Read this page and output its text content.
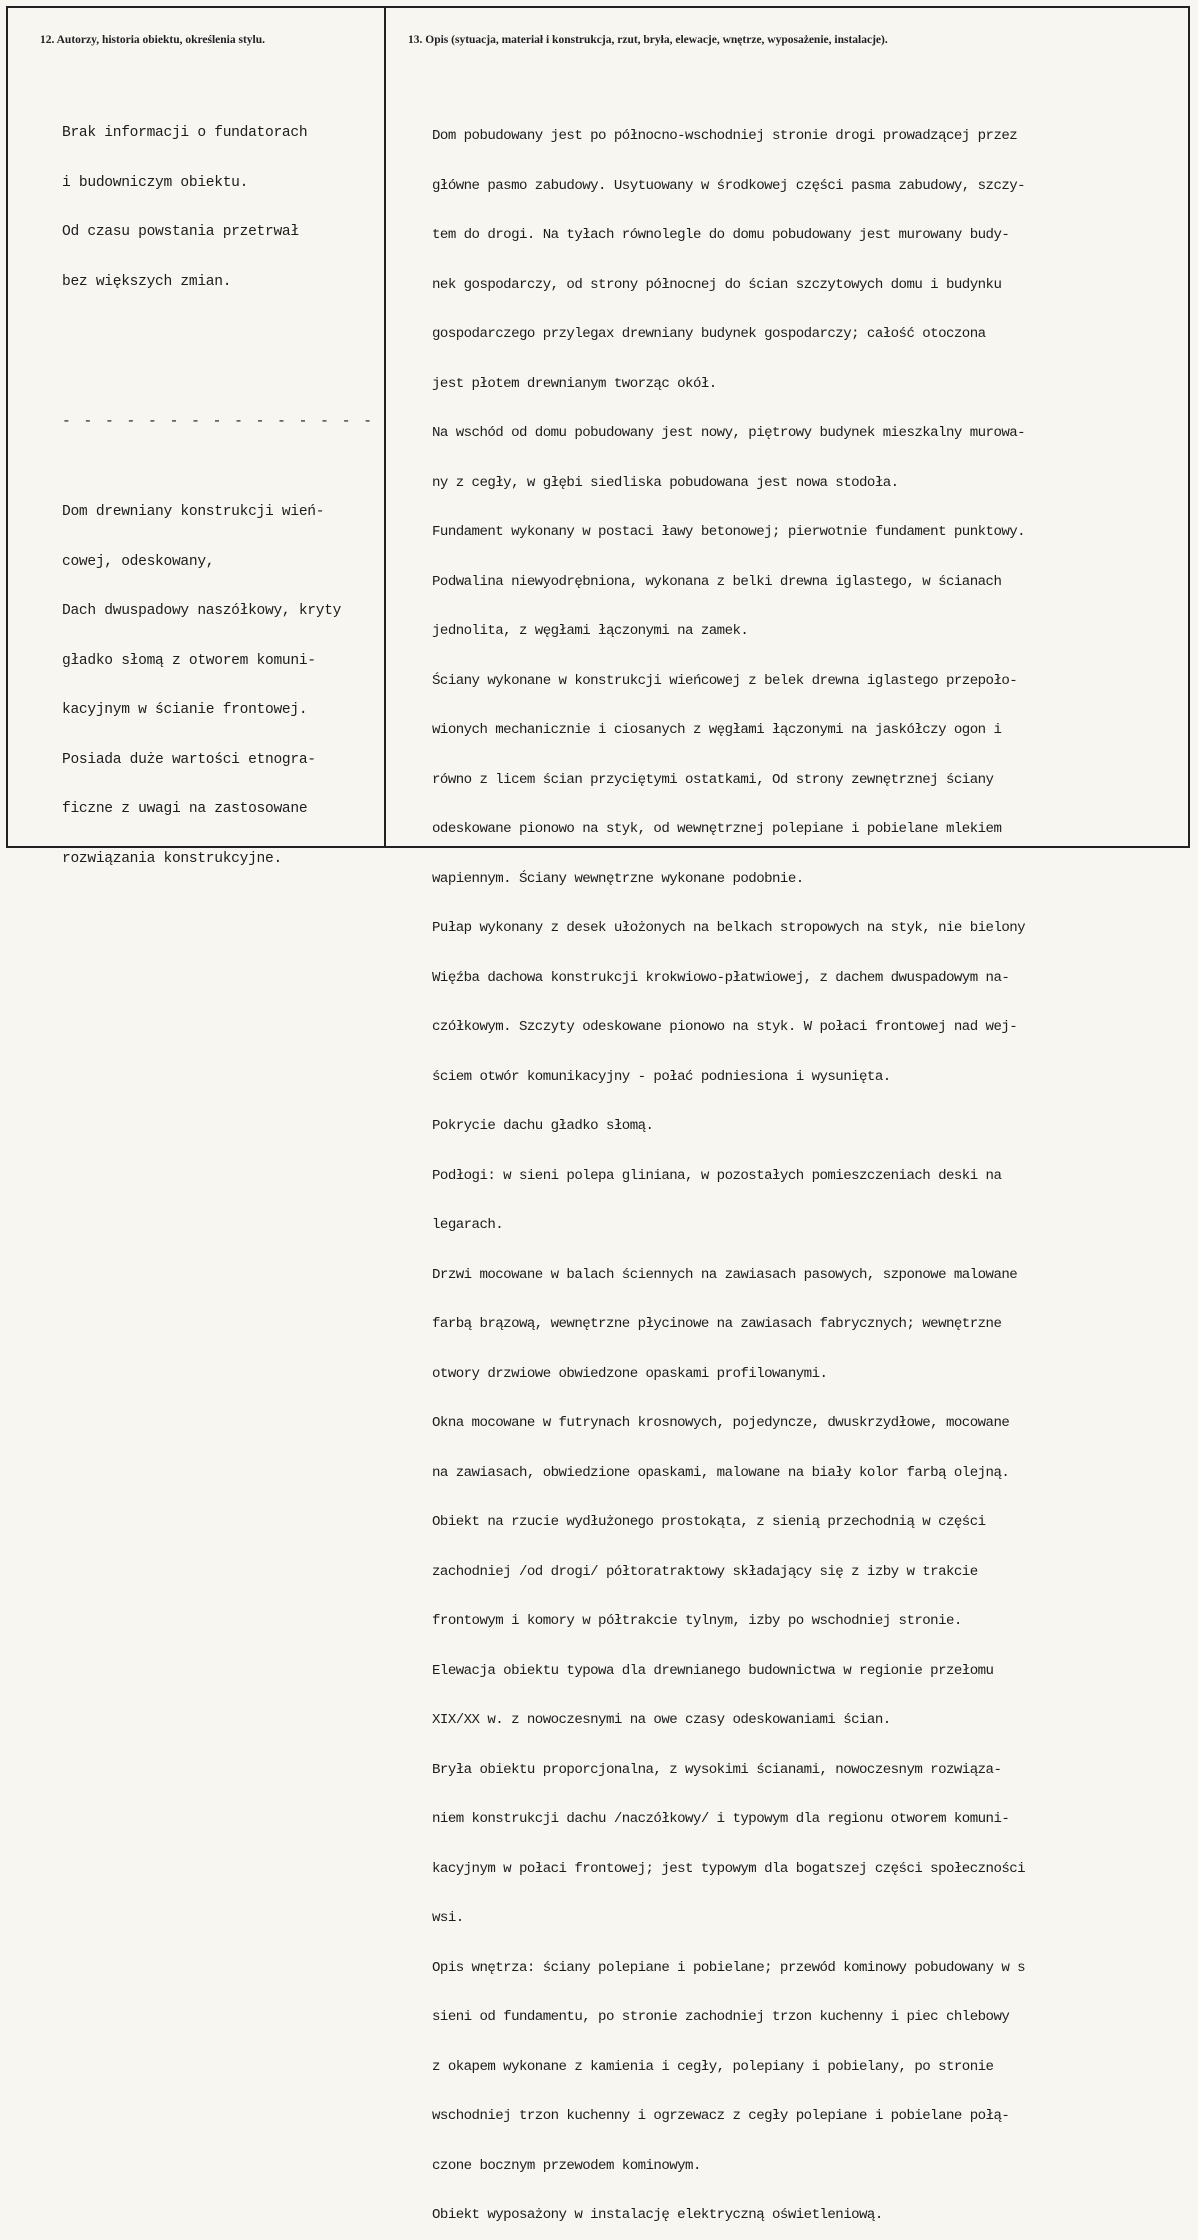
12. Autorzy, historia obiektu, określenia stylu.	13. Opis (sytuacja, materiał i konstrukcja, rzut, bryła, elewacje, wnętrze, wyposażenie, instalacje).

Brak informacji o fundatorach

i budowniczym obiektu.

Od czasu powstania przetrwał

bez większych zmian.

- - - - - - - - - - - - - - -

Dom drewniany konstrukcji wień-

cowej, odeskowany,

Dach dwuspadowy naszółkowy, kryty

gładko słomą z otworem komuni-

kacyjnym w ścianie frontowej.

Posiada duże wartości etnogra-

ficzne z uwagi na zastosowane

rozwiązania konstrukcyjne.

Dom pobudowany jest po północno-wschodniej stronie drogi prowadzącej przez

główne pasmo zabudowy. Usytuowany w środkowej części pasma zabudowy, szczy-

tem do drogi. Na tyłach równolegle do domu pobudowany jest murowany budy-

nek gospodarczy, od strony północnej do ścian szczytowych domu i budynku

gospodarczego przylegax drewniany budynek gospodarczy; całość otoczona

jest płotem drewnianym tworząc okół.

Na wschód od domu pobudowany jest nowy, piętrowy budynek mieszkalny murowa-

ny z cegły, w głębi siedliska pobudowana jest nowa stodoła.

Fundament wykonany w postaci ławy betonowej; pierwotnie fundament punktowy.

Podwalina niewyodrębniona, wykonana z belki drewna iglastego, w ścianach

jednolita, z węgłami łączonymi na zamek.

Ściany wykonane w konstrukcji wieńcowej z belek drewna iglastego przepoło-

wionych mechanicznie i ciosanych z węgłami łączonymi na jaskółczy ogon i

równo z licem ścian przyciętymi ostatkami, Od strony zewnętrznej ściany

odeskowane pionowo na styk, od wewnętrznej polepiane i pobielane mlekiem

wapiennym. Ściany wewnętrzne wykonane podobnie.

Pułap wykonany z desek ułożonych na belkach stropowych na styk, nie bielony

Więźba dachowa konstrukcji krokwiowo-płatwiowej, z dachem dwuspadowym na-

czółkowym. Szczyty odeskowane pionowo na styk. W połaci frontowej nad wej-

ściem otwór komunikacyjny - połać podniesiona i wysunięta.

Pokrycie dachu gładko słomą.

Podłogi: w sieni polepa gliniana, w pozostałych pomieszczeniach deski na

legarach.

Drzwi mocowane w balach ściennych na zawiasach pasowych, szponowe malowane

farbą brązową, wewnętrzne płycinowe na zawiasach fabrycznych; wewnętrzne

otwory drzwiowe obwiedzone opaskami profilowanymi.

Okna mocowane w futrynach krosnowych, pojedyncze, dwuskrzydłowe, mocowane

na zawiasach, obwiedzione opaskami, malowane na biały kolor farbą olejną.

Obiekt na rzucie wydłużonego prostokąta, z sienią przechodnią w części

zachodniej /od drogi/ półtoratraktowy składający się z izby w trakcie

frontowym i komory w półtrakcie tylnym, izby po wschodniej stronie.

Elewacja obiektu typowa dla drewnianego budownictwa w regionie przełomu

XIX/XX w. z nowoczesnymi na owe czasy odeskowaniami ścian.

Bryła obiektu proporcjonalna, z wysokimi ścianami, nowoczesnym rozwiąza-

niem konstrukcji dachu /naczółkowy/ i typowym dla regionu otworem komuni-

kacyjnym w połaci frontowej; jest typowym dla bogatszej części społeczności

wsi.

Opis wnętrza: ściany polepiane i pobielane; przewód kominowy pobudowany w s

sieni od fundamentu, po stronie zachodniej trzon kuchenny i piec chlebowy

z okapem wykonane z kamienia i cegły, polepiany i pobielany, po stronie

wschodniej trzon kuchenny i ogrzewacz z cegły polepiane i pobielane połą-

czone bocznym przewodem kominowym.

Obiekt wyposażony w instalację elektryczną oświetleniową.
